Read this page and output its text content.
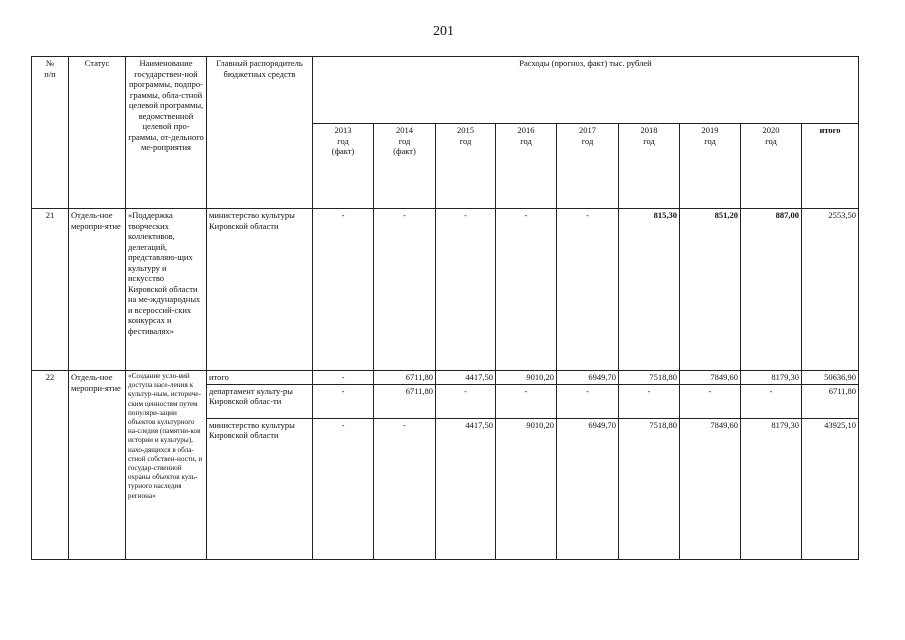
201
№
п/п	Статус	Наименование государствен-ной программы, подпро-граммы, обла-стной целевой программы, ведомственной целевой про-граммы, от-дельного ме-роприятия	Главный распорядитель бюджетных средств	Расходы (прогноз, факт) тыс. рублей								
				2013
год
(факт)	2014
год
(факт)	2015
год	2016
год	2017
год	2018
год	2019
год	2020
год	итого
21	Отдель-ное меропри-ятие	«Поддержка творческих коллективов, делегаций, представляю-щих культуру и искусство Кировской области на ме-ждународных и всероссий-ских конкурсах и фестивалях»	министерство культуры Кировской области	-	-	-	-	-	815,30	851,20	887,00	2553,50
22	Отдель-ное меропри-ятие	«Создание усло-вий доступа насе-ления к культур-ным, историче-ским ценностям путем популяри-зации объектов культурного на-следия (памятни-ков истории и культуры), нахо-дящихся в обла-стной собствен-ности, и государ-ственной охраны объектов куль-турного наследия региона»	итого	-	6711,80	4417,50	9010,20	6949,70	7518,80	7849,60	8179,30	50636,90
			департамент культу-ры Кировской облас-ти	-	6711,80	-	-	-	-	-	-	6711,80
			министерство культуры Кировской области	-	-	4417,50	9010,20	6949,70	7518,80	7849,60	8179,30	43925,10
